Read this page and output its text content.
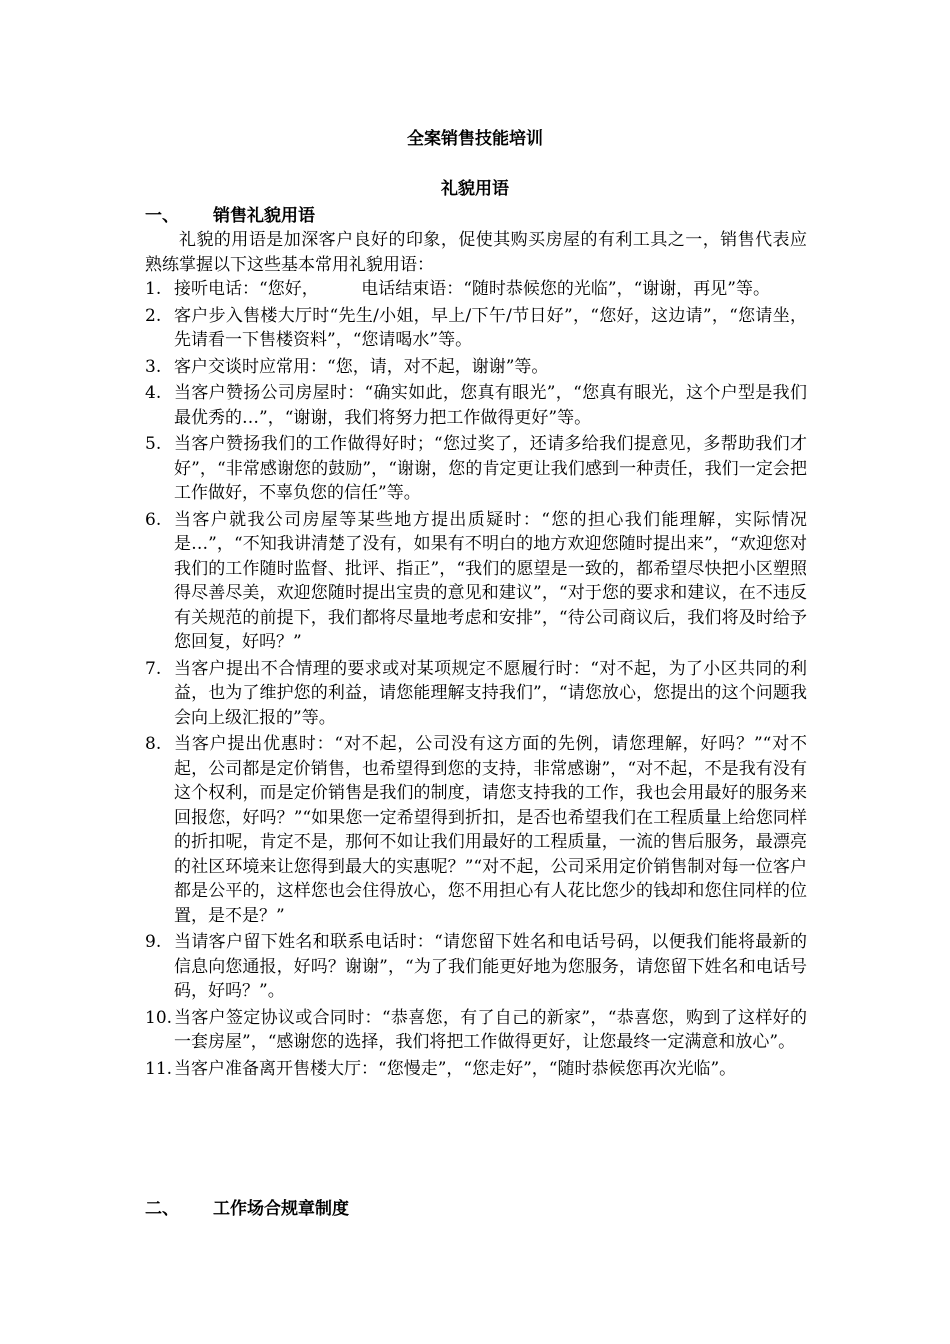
全案销售技能培训
礼貌用语
一、 销售礼貌用语
礼貌的用语是加深客户良好的印象，促使其购买房屋的有利工具之一，销售代表应熟练掌握以下这些基本常用礼貌用语：
1. 接听电话：“您好，　　　电话结束语：“随时恭候您的光临”，“谢谢，再见”等。
2. 客户步入售楼大厅时“先生/小姐，早上/下午/节日好”，“您好，这边请”，“您请坐，先请看一下售楼资料”，“您请喝水”等。
3. 客户交谈时应常用：“您，请，对不起，谢谢”等。
4. 当客户赞扬公司房屋时：“确实如此，您真有眼光”，“您真有眼光，这个户型是我们最优秀的…”，“谢谢，我们将努力把工作做得更好”等。
5. 当客户赞扬我们的工作做得好时；“您过奖了，还请多给我们提意见，多帮助我们才好”，“非常感谢您的鼓励”，“谢谢，您的肯定更让我们感到一种责任，我们一定会把工作做好，不辜负您的信任”等。
6. 当客户就我公司房屋等某些地方提出质疑时：“您的担心我们能理解，实际情况是…”，“不知我讲清楚了没有，如果有不明白的地方欢迎您随时提出来”，“欢迎您对我们的工作随时监督、批评、指正”，“我们的愿望是一致的，都希望尽快把小区塑照得尽善尽美，欢迎您随时提出宝贵的意见和建议”，“对于您的要求和建议，在不违反有关规范的前提下，我们都将尽量地考虑和安排”，“待公司商议后，我们将及时给予您回复，好吗？”
7. 当客户提出不合情理的要求或对某项规定不愿履行时：“对不起，为了小区共同的利益，也为了维护您的利益，请您能理解支持我们”，“请您放心，您提出的这个问题我会向上级汇报的”等。
8. 当客户提出优惠时：“对不起，公司没有这方面的先例，请您理解，好吗？”“对不起，公司都是定价销售，也希望得到您的支持，非常感谢”，“对不起，不是我有没有这个权利，而是定价销售是我们的制度，请您支持我的工作，我也会用最好的服务来回报您，好吗？”“如果您一定希望得到折扣，是否也希望我们在工程质量上给您同样的折扣呢，肯定不是，那何不如让我们用最好的工程质量，一流的售后服务，最漂亮的社区环境来让您得到最大的实惠呢？”“对不起，公司采用定价销售制对每一位客户都是公平的，这样您也会住得放心，您不用担心有人花比您少的钱却和您住同样的位置，是不是？”
9. 当请客户留下姓名和联系电话时：“请您留下姓名和电话号码，以便我们能将最新的信息向您通报，好吗？谢谢”，“为了我们能更好地为您服务，请您留下姓名和电话号码，好吗？”。
10. 当客户签定协议或合同时：“恭喜您，有了自己的新家”，“恭喜您，购到了这样好的一套房屋”，“感谢您的选择，我们将把工作做得更好，让您最终一定满意和放心”。
11. 当客户准备离开售楼大厅：“您慢走”，“您走好”，“随时恭候您再次光临”。
二、 工作场合规章制度
